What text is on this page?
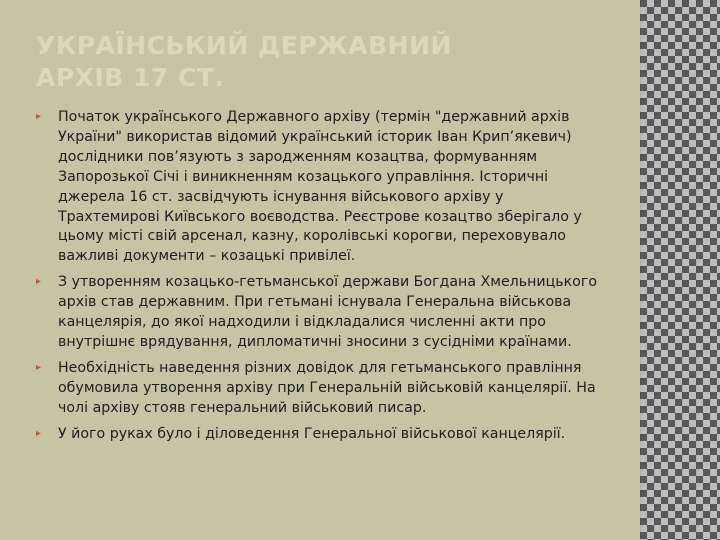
УКРАЇНСЬКИЙ ДЕРЖАВНИЙ
АРХІВ 17 СТ.
▸ Початок українського Державного архіву (термін "державний архів України" використав відомий український історик Іван Крип’якевич) дослідники пов’язують з зародженням козацтва, формуванням Запорозької Січі і виникненням козацького управління. Історичні джерела 16 ст. засвідчують існування військового архіву у Трахтемирові Київського воєводства. Реєстрове козацтво зберігало у цьому місті свій арсенал, казну, королівські корогви, переховувало важливі документи – козацькі привілеї.
▸ З утворенням козацько-гетьманської держави Богдана Хмельницького архів став державним. При гетьмані існувала Генеральна військова канцелярія, до якої надходили і відкладалися численні акти про внутрішнє врядування, дипломатичні зносини з сусідніми країнами.
▸ Необхідність наведення різних довідок для гетьманського правління обумовила утворення архіву при Генеральній військовій канцелярії. На чолі архіву стояв генеральний військовий писар.
▸ У його руках було і діловедення Генеральної військової канцелярії.
